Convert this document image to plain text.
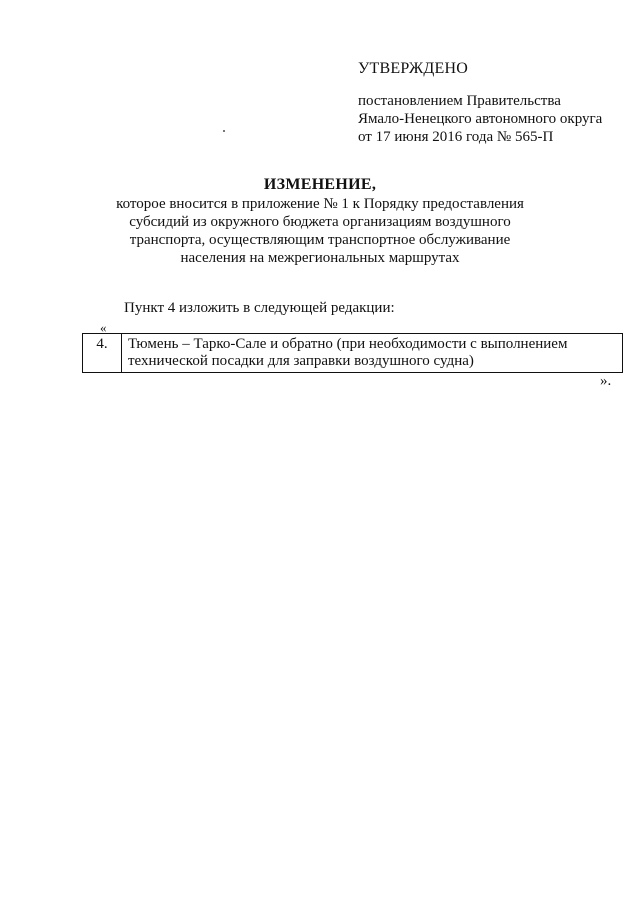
УТВЕРЖДЕНО
постановлением Правительства
Ямало-Ненецкого автономного округа
от 17 июня 2016 года № 565-П
ИЗМЕНЕНИЕ,
которое вносится в приложение № 1 к Порядку предоставления
субсидий из окружного бюджета организациям воздушного
транспорта, осуществляющим транспортное обслуживание
населения на межрегиональных маршрутах
Пункт 4 изложить в следующей редакции:
«
4.	Тюмень – Тарко-Сале и обратно (при необходимости с выполнением
технической посадки для заправки воздушного судна)
».
